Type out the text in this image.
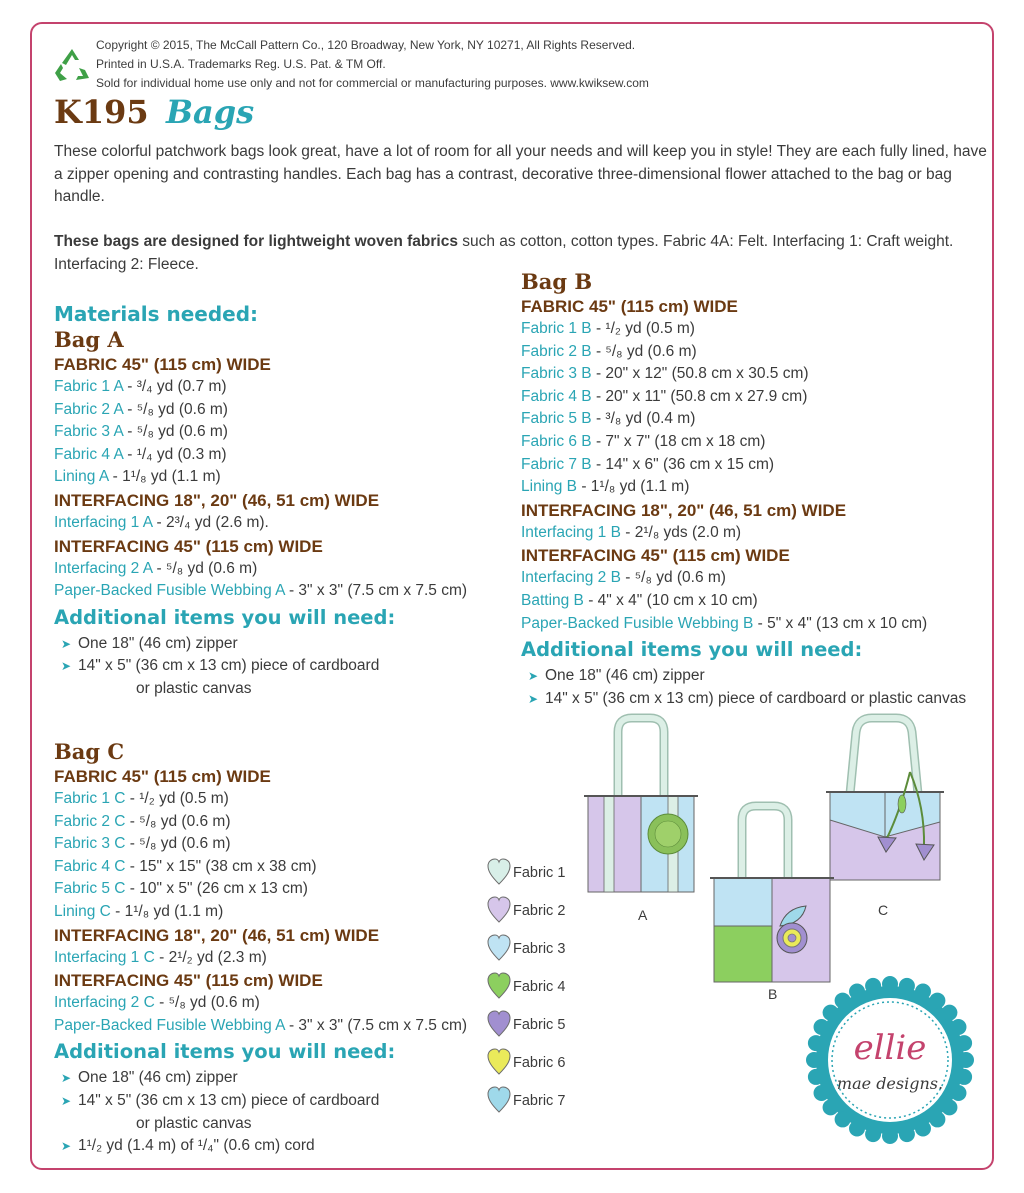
Copyright © 2015, The McCall Pattern Co., 120 Broadway, New York, NY 10271, All Rights Reserved.
Printed in U.S.A. Trademarks Reg. U.S. Pat. & TM Off.
Sold for individual home use only and not for commercial or manufacturing purposes. www.kwiksew.com
K195 Bags
These colorful patchwork bags look great, have a lot of room for all your needs and will keep you in style! They are each fully lined, have a zipper opening and contrasting handles. Each bag has a contrast, decorative three-dimensional flower attached to the bag or bag handle.
These bags are designed for lightweight woven fabrics such as cotton, cotton types. Fabric 4A: Felt. Interfacing 1: Craft weight. Interfacing 2: Fleece.
Materials needed:
Bag A
FABRIC 45" (115 cm) WIDE
Fabric 1 A - ³/₄ yd (0.7 m)
Fabric 2 A - ⁵/₈ yd (0.6 m)
Fabric 3 A - ⁵/₈ yd (0.6 m)
Fabric 4 A - ¹/₄ yd (0.3 m)
Lining A - 1¹/₈ yd (1.1 m)
INTERFACING 18", 20" (46, 51 cm) WIDE
Interfacing 1 A - 2³/₄ yd (2.6 m).
INTERFACING 45" (115 cm) WIDE
Interfacing 2 A - ⁵/₈ yd (0.6 m)
Paper-Backed Fusible Webbing A - 3" x 3" (7.5 cm x 7.5 cm)
Additional items you will need:
➤ One 18" (46 cm) zipper
➤ 14" x 5" (36 cm x 13 cm) piece of cardboard
or plastic canvas
Bag B
FABRIC 45" (115 cm) WIDE
Fabric 1 B - ¹/₂ yd (0.5 m)
Fabric 2 B - ⁵/₈ yd (0.6 m)
Fabric 3 B - 20" x 12" (50.8 cm x 30.5 cm)
Fabric 4 B - 20" x 11" (50.8 cm x 27.9 cm)
Fabric 5 B - ³/₈ yd (0.4 m)
Fabric 6 B - 7" x 7" (18 cm x 18 cm)
Fabric 7 B - 14" x 6" (36 cm x 15 cm)
Lining B - 1¹/₈ yd (1.1 m)
INTERFACING 18", 20" (46, 51 cm) WIDE
Interfacing 1 B - 2¹/₈ yds (2.0 m)
INTERFACING 45" (115 cm) WIDE
Interfacing 2 B - ⁵/₈ yd (0.6 m)
Batting B - 4" x 4" (10 cm x 10 cm)
Paper-Backed Fusible Webbing B - 5" x 4" (13 cm x 10 cm)
Additional items you will need:
➤ One 18" (46 cm) zipper
➤ 14" x 5" (36 cm x 13 cm) piece of cardboard or plastic canvas
Bag C
FABRIC 45" (115 cm) WIDE
Fabric 1 C - ¹/₂ yd (0.5 m)
Fabric 2 C - ⁵/₈ yd (0.6 m)
Fabric 3 C - ⁵/₈ yd (0.6 m)
Fabric 4 C - 15" x 15" (38 cm x 38 cm)
Fabric 5 C - 10" x 5" (26 cm x 13 cm)
Lining C - 1¹/₈ yd (1.1 m)
INTERFACING 18", 20" (46, 51 cm) WIDE
Interfacing 1 C - 2¹/₂ yd (2.3 m)
INTERFACING 45" (115 cm) WIDE
Interfacing 2 C - ⁵/₈ yd (0.6 m)
Paper-Backed Fusible Webbing A - 3" x 3" (7.5 cm x 7.5 cm)
Additional items you will need:
➤ One 18" (46 cm) zipper
➤ 14" x 5" (36 cm x 13 cm) piece of cardboard
or plastic canvas
➤ 1¹/₂ yd (1.4 m) of ¹/₄" (0.6 cm) cord
Fabric 1
Fabric 2
Fabric 3
Fabric 4
Fabric 5
Fabric 6
Fabric 7
A	C
B
ellie
mae designs.
